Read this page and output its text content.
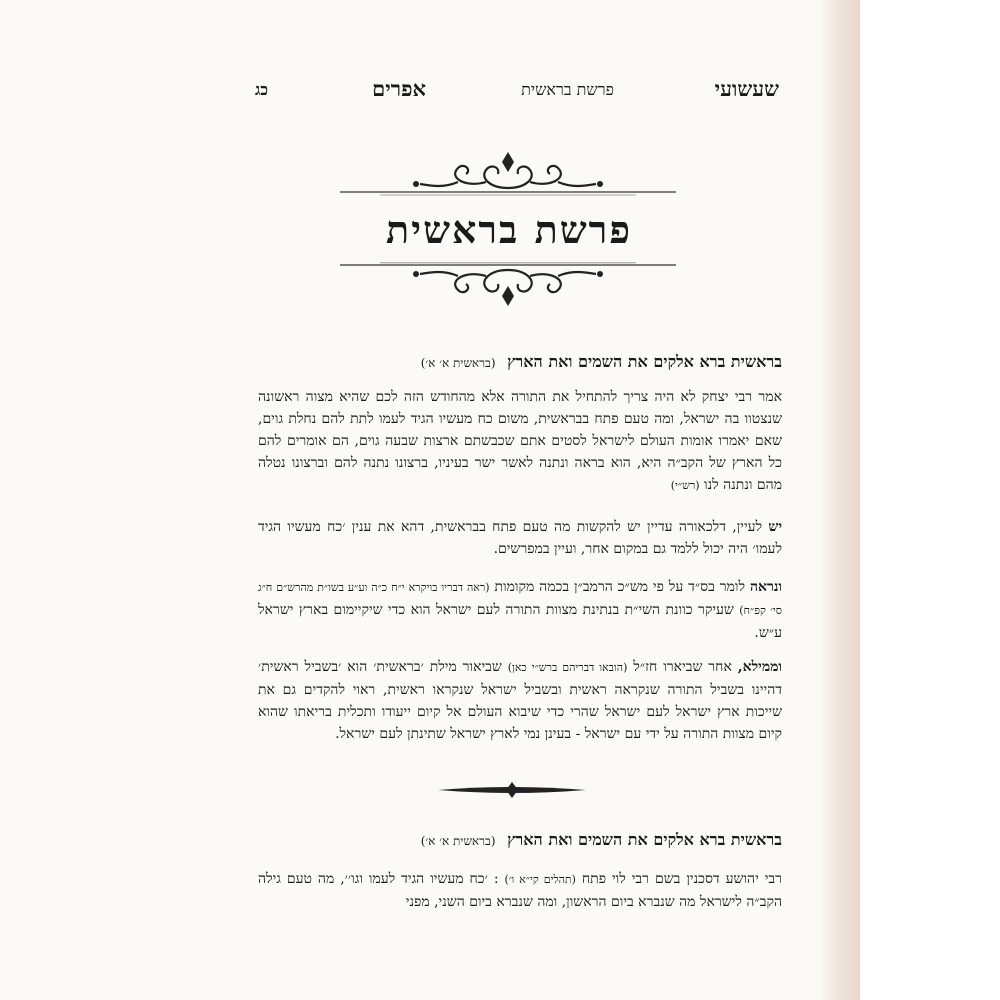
שעשועי
פרשת בראשית
אפרים
כג
פרשת בראשית
בראשית ברא אלקים את השמים ואת הארץ (בראשית א׳ א׳)
אמר רבי יצחק לא היה צריך להתחיל את התורה אלא מהחודש הזה לכם שהיא מצוה ראשונה שנצטוו בה ישראל, ומה טעם פתח בבראשית, משום כח מעשיו הגיד לעמו לתת להם נחלת גוים, שאם יאמרו אומות העולם לישראל לסטים אתם שכבשתם ארצות שבעה גוים, הם אומרים להם כל הארץ של הקב״ה היא, הוא בראה ונתנה לאשר ישר בעיניו, ברצונו נתנה להם וברצונו נטלה מהם ונתנה לנו (רש״י)
יש לעיין, דלכאורה עדיין יש להקשות מה טעם פתח בבראשית, דהא את ענין ׳כח מעשיו הגיד לעמו׳ היה יכול ללמד גם במקום אחר, ועיין במפרשים.
ונראה לומר בס״ד על פי מש״כ הרמב״ן בכמה מקומות (ראה דבריו בויקרא י״ח כ״ה וע״ע בשו״ת מהרש״ם ח״ג סי׳ קפ״ח) שעיקר כוונת השי״ת בנתינת מצוות התורה לעם ישראל הוא כדי שיקיימום בארץ ישראל ע״ש.
וממילא, אחר שביארו חז״ל (הובאו דבריהם ברש״י כאן) שביאור מילת ׳בראשית׳ הוא ׳בשביל ראשית׳ דהיינו בשביל התורה שנקראה ראשית ובשביל ישראל שנקראו ראשית, ראוי להקדים גם את שייכות ארץ ישראל לעם ישראל שהרי כדי שיבוא העולם אל קיום ייעודו ותכלית בריאתו שהוא קיום מצוות התורה על ידי עם ישראל - בעינן נמי לארץ ישראל שתינתן לעם ישראל.
בראשית ברא אלקים את השמים ואת הארץ (בראשית א׳ א׳)
רבי יהושע דסכנין בשם רבי לוי פתח (תהלים קי״א ו׳) : ׳כח מעשיו הגיד לעמו וגו׳׳, מה טעם גילה הקב״ה לישראל מה שנברא ביום הראשון, ומה שנברא ביום השני, מפני
